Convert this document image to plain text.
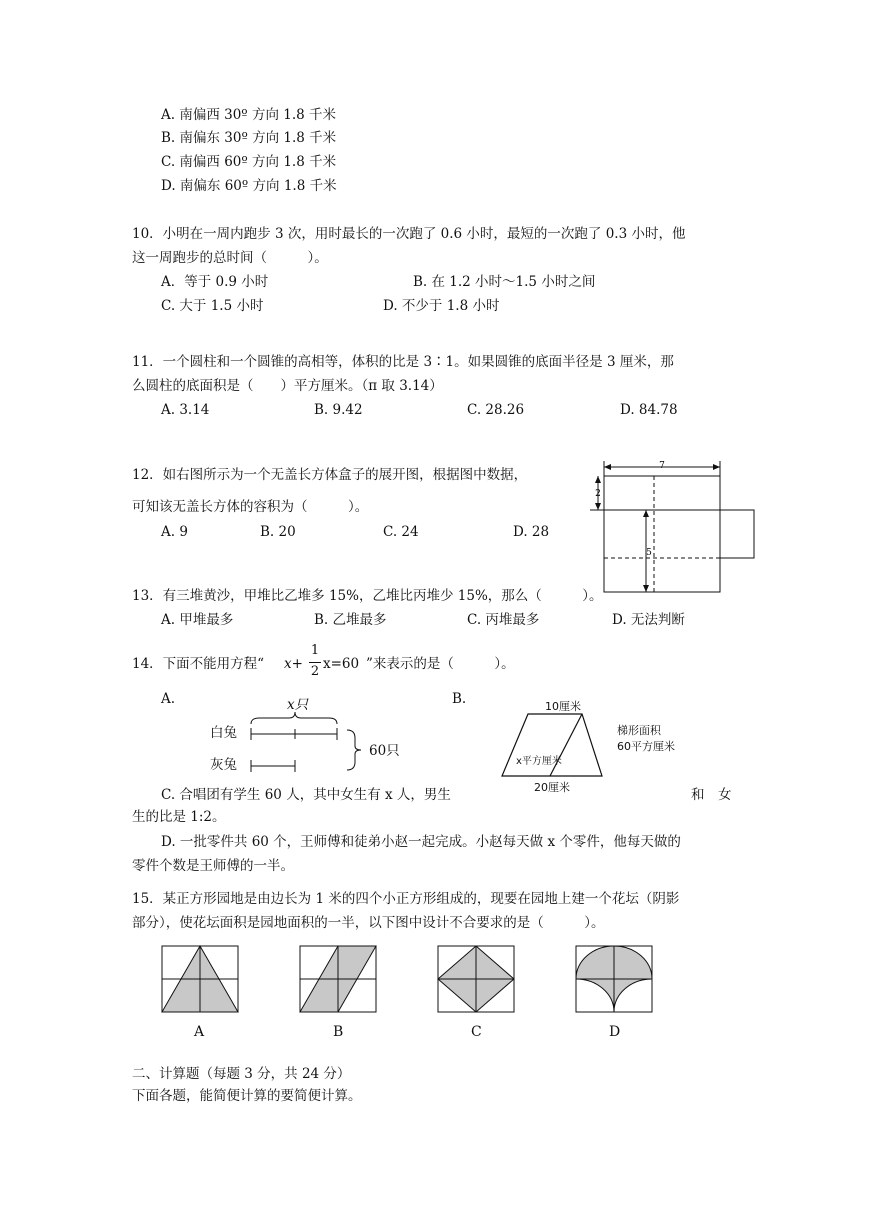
A. 南偏西 30º 方向 1.8 千米
B. 南偏东 30º 方向 1.8 千米
C. 南偏西 60º 方向 1.8 千米
D. 南偏东 60º 方向 1.8 千米
10．小明在一周内跑步 3 次，用时最长的一次跑了 0.6 小时，最短的一次跑了 0.3 小时，他
这一周跑步的总时间（　　　）。
A．等于 0.9 小时	B. 在 1.2 小时～1.5 小时之间
C. 大于 1.5 小时	D. 不少于 1.8 小时
11．一个圆柱和一个圆锥的高相等，体积的比是 3∶1。如果圆锥的底面半径是 3 厘米，那
么圆柱的底面积是（　　）平方厘米。（π 取 3.14）
A. 3.14	B. 9.42	C. 28.26	D. 84.78
12．如右图所示为一个无盖长方体盒子的展开图，根据图中数据，
可知该无盖长方体的容积为（　　　）。
A. 9	B. 20	C. 24	D. 28
7
2
5
13．有三堆黄沙，甲堆比乙堆多 15%，乙堆比丙堆少 15%，那么（　　　）。
A. 甲堆最多	B. 乙堆最多	C. 丙堆最多	D. 无法判断
14．下面不能用方程“ x+
1
2 x=60 ”来表示的是（　　　）。
A.	B.
x只
白兔
灰兔
60只
10厘米
x平方厘米
20厘米
梯形面积
60平方厘米
C. 合唱团有学生 60 人，其中女生有 x 人，男生	和　女
生的比是 1:2。
D. 一批零件共 60 个，王师傅和徒弟小赵一起完成。小赵每天做 x 个零件，他每天做的
零件个数是王师傅的一半。
15．某正方形园地是由边长为 1 米的四个小正方形组成的，现要在园地上建一个花坛（阴影
部分），使花坛面积是园地面积的一半，以下图中设计不合要求的是（　　　）。
A	B	C	D
二、计算题（每题 3 分，共 24 分）
下面各题，能简便计算的要简便计算。
